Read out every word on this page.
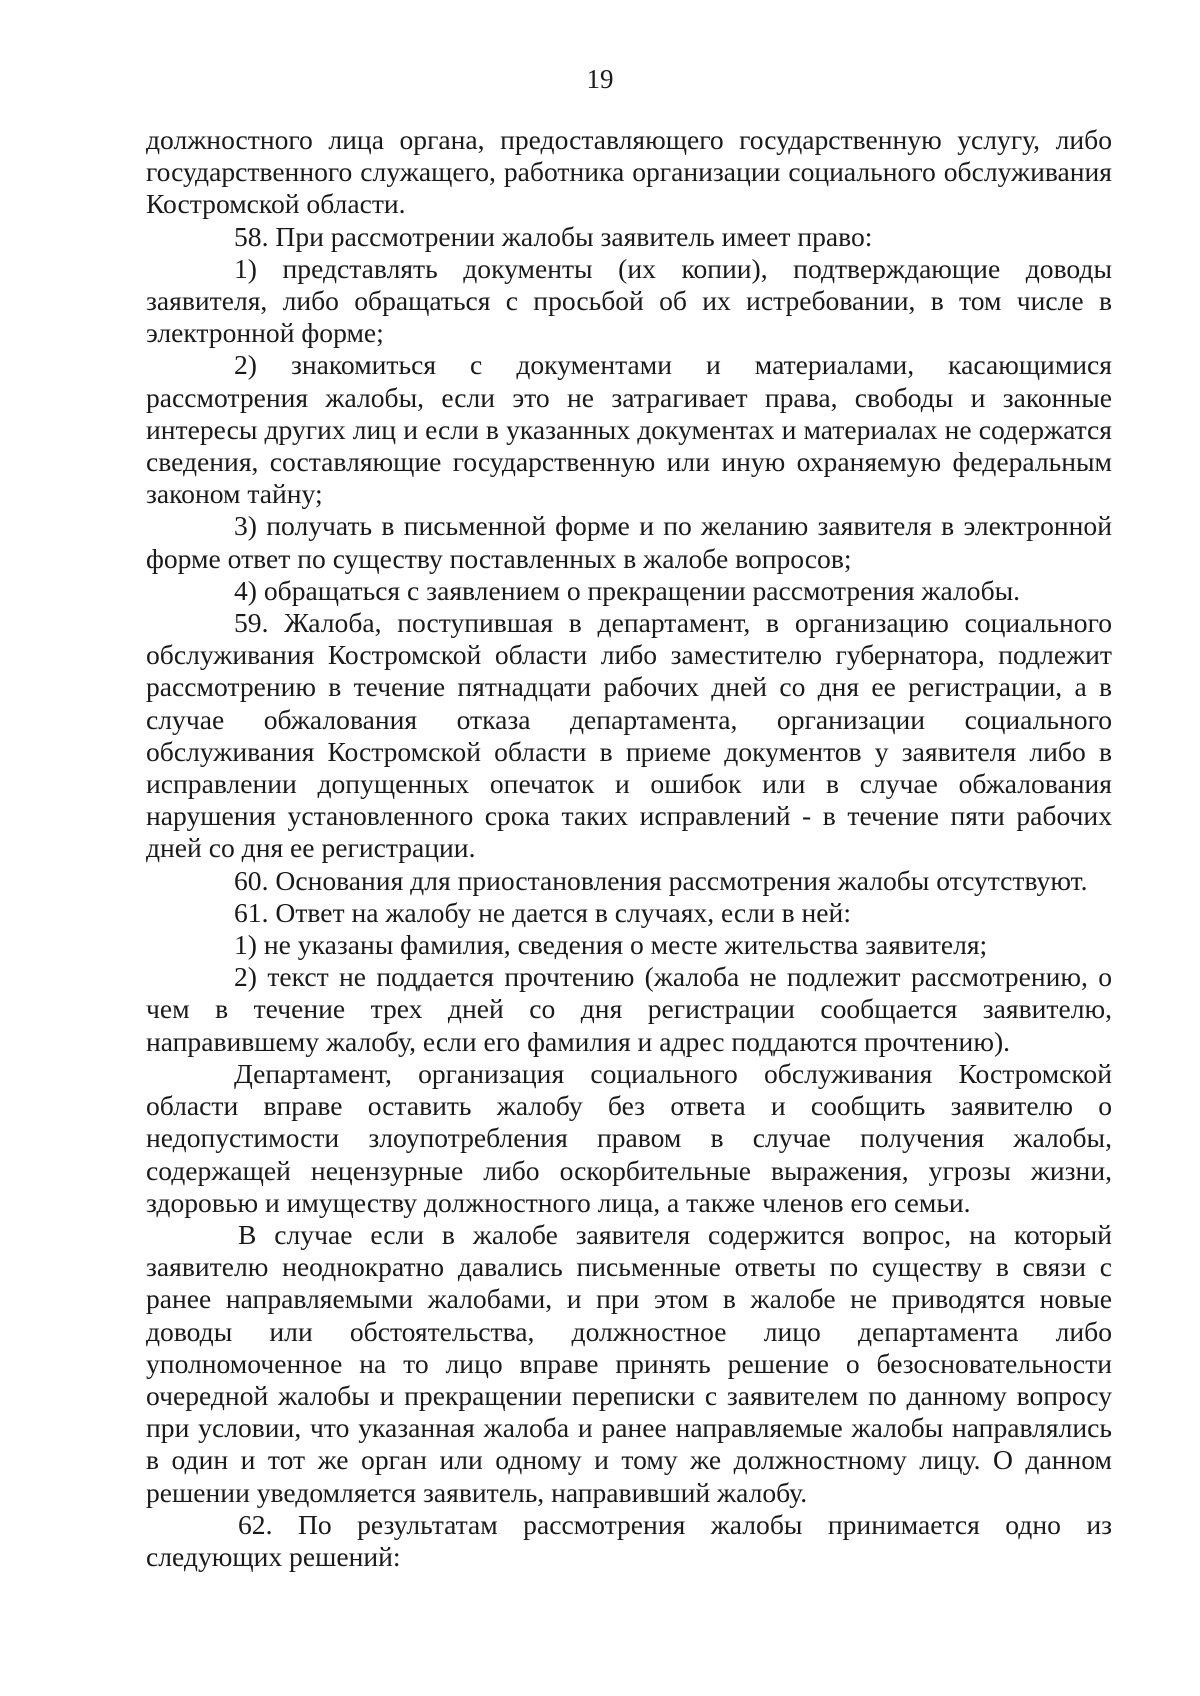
19

должностного лица органа, предоставляющего государственную услугу, либо государственного служащего, работника организации социального обслуживания Костромской области.

58. При рассмотрении жалобы заявитель имеет право:

1) представлять документы (их копии), подтверждающие доводы заявителя, либо обращаться с просьбой об их истребовании, в том числе в электронной форме;

2) знакомиться с документами и материалами, касающимися рассмотрения жалобы, если это не затрагивает права, свободы и законные интересы других лиц и если в указанных документах и материалах не содержатся сведения, составляющие государственную или иную охраняемую федеральным законом тайну;

3) получать в письменной форме и по желанию заявителя в электронной форме ответ по существу поставленных в жалобе вопросов;

4) обращаться с заявлением о прекращении рассмотрения жалобы.

59. Жалоба, поступившая в департамент, в организацию социального обслуживания Костромской области либо заместителю губернатора, подлежит рассмотрению в течение пятнадцати рабочих дней со дня ее регистрации, а в случае обжалования отказа департамента, организации социального обслуживания Костромской области в приеме документов у заявителя либо в исправлении допущенных опечаток и ошибок или в случае обжалования нарушения установленного срока таких исправлений - в течение пяти рабочих дней со дня ее регистрации.

60. Основания для приостановления рассмотрения жалобы отсутствуют.

61. Ответ на жалобу не дается в случаях, если в ней:

1) не указаны фамилия, сведения о месте жительства заявителя;

2) текст не поддается прочтению (жалоба не подлежит рассмотрению, о чем в течение трех дней со дня регистрации сообщается заявителю, направившему жалобу, если его фамилия и адрес поддаются прочтению).

Департамент, организация социального обслуживания Костромской области вправе оставить жалобу без ответа и сообщить заявителю о недопустимости злоупотребления правом в случае получения жалобы, содержащей нецензурные либо оскорбительные выражения, угрозы жизни, здоровью и имуществу должностного лица, а также членов его семьи.

В случае если в жалобе заявителя содержится вопрос, на который заявителю неоднократно давались письменные ответы по существу в связи с ранее направляемыми жалобами, и при этом в жалобе не приводятся новые доводы или обстоятельства, должностное лицо департамента либо уполномоченное на то лицо вправе принять решение о безосновательности очередной жалобы и прекращении переписки с заявителем по данному вопросу при условии, что указанная жалоба и ранее направляемые жалобы направлялись в один и тот же орган или одному и тому же должностному лицу. О данном решении уведомляется заявитель, направивший жалобу.

62. По результатам рассмотрения жалобы принимается одно из следующих решений:
